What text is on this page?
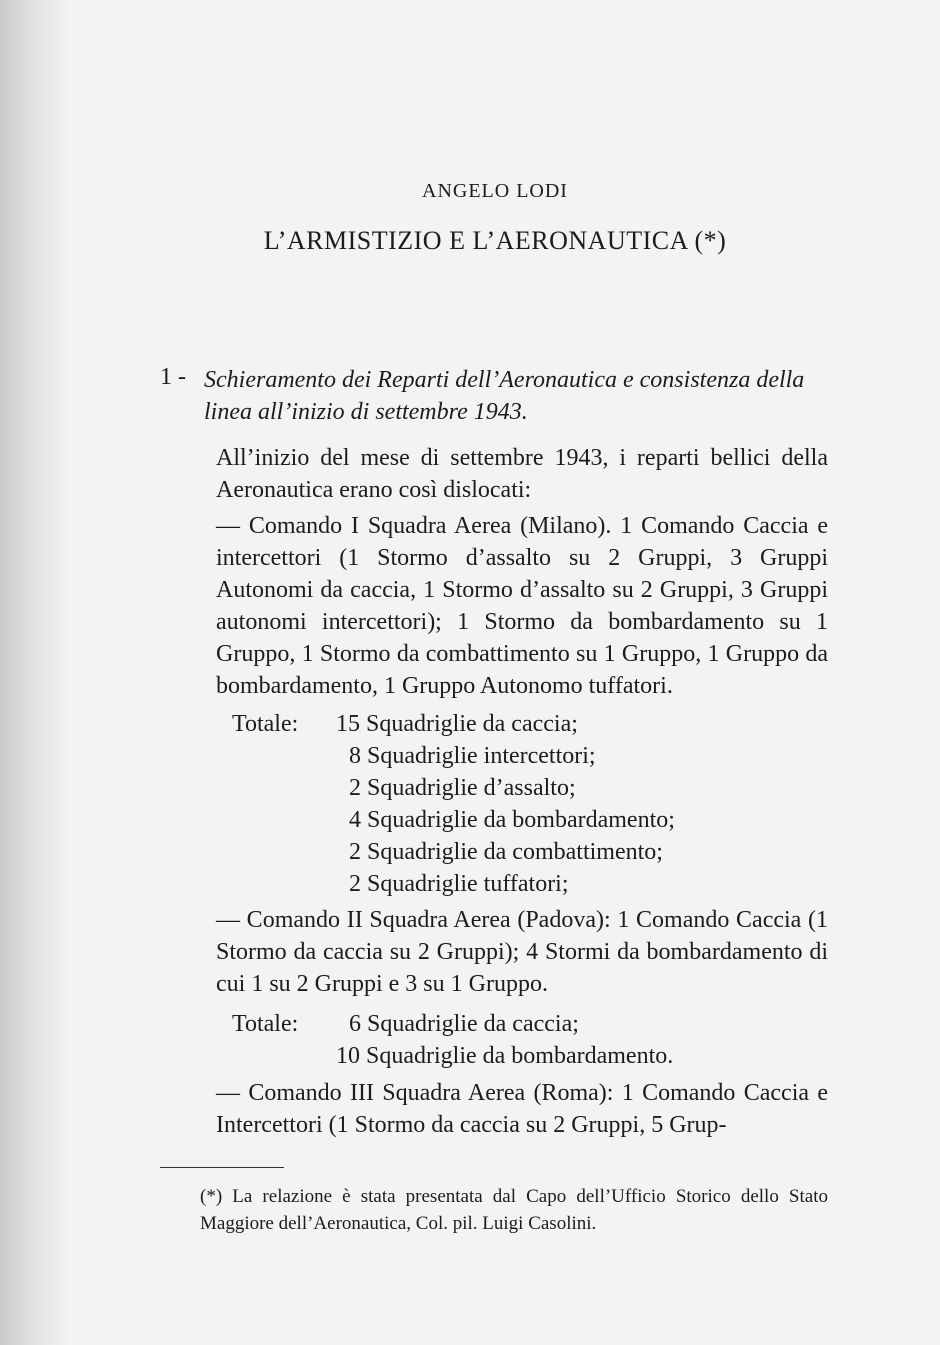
ANGELO LODI
L’ARMISTIZIO E L’AERONAUTICA (*)
1 - Schieramento dei Reparti dell’Aeronautica e consistenza della linea all’inizio di settembre 1943.
All’inizio del mese di settembre 1943, i reparti bellici della Aeronautica erano così dislocati:
— Comando I Squadra Aerea (Milano). 1 Comando Caccia e intercettori (1 Stormo d’assalto su 2 Gruppi, 3 Gruppi Autonomi da caccia, 1 Stormo d’assalto su 2 Gruppi, 3 Gruppi autonomi intercettori); 1 Stormo da bombardamento su 1 Gruppo, 1 Stormo da combattimento su 1 Gruppo, 1 Gruppo da bombardamento, 1 Gruppo Autonomo tuffatori.
Totale: 15 Squadriglie da caccia;
8 Squadriglie intercettori;
2 Squadriglie d’assalto;
4 Squadriglie da bombardamento;
2 Squadriglie da combattimento;
2 Squadriglie tuffatori;
— Comando II Squadra Aerea (Padova): 1 Comando Caccia (1 Stormo da caccia su 2 Gruppi); 4 Stormi da bombardamento di cui 1 su 2 Gruppi e 3 su 1 Gruppo.
Totale:	6 Squadriglie da caccia;
10 Squadriglie da bombardamento.
— Comando III Squadra Aerea (Roma): 1 Comando Caccia e Intercettori (1 Stormo da caccia su 2 Gruppi, 5 Grup-
(*) La relazione è stata presentata dal Capo dell’Ufficio Storico dello Stato Maggiore dell’Aeronautica, Col. pil. Luigi Casolini.
